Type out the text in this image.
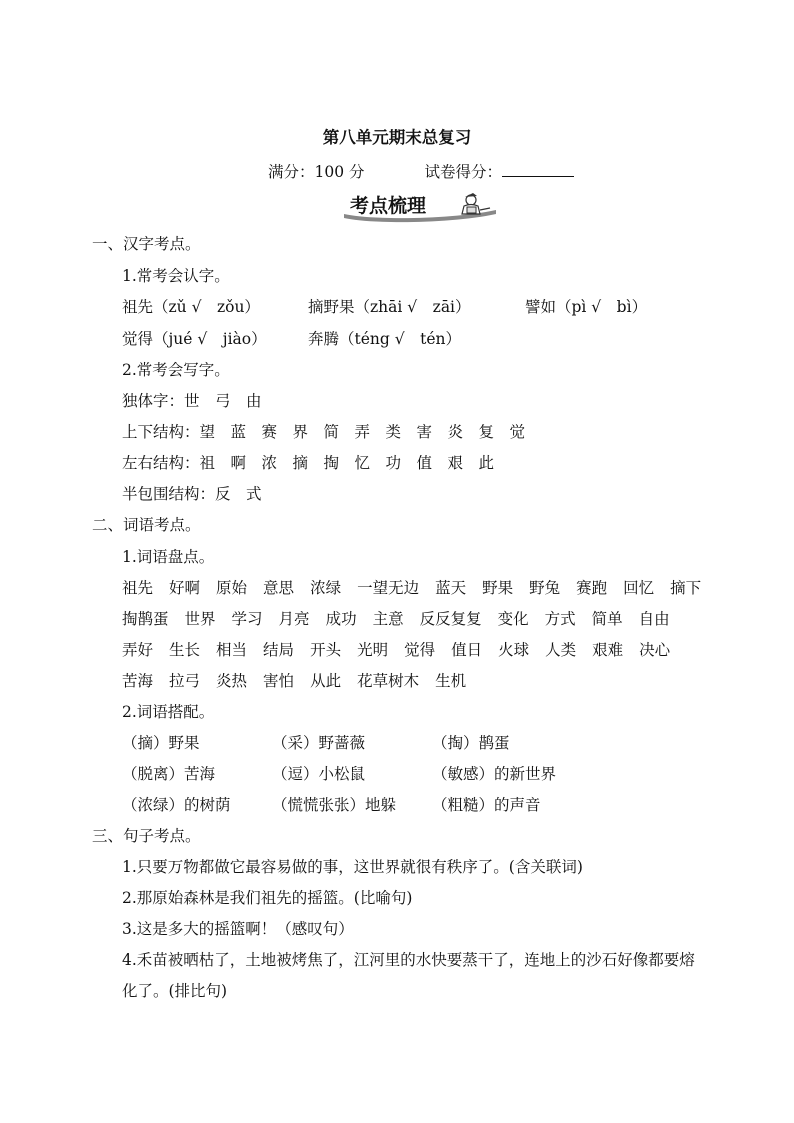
第八单元期末总复习
满分：100 分	试卷得分：
考点梳理
一、汉字考点。
1.常考会认字。
祖先（zǔ √　zǒu）	摘野果（zhāi √　zāi）	譬如（pì √　bì）
觉得（jué √　jiào）	奔腾（téng √　tén）
2.常考会写字。
独体字：世　弓　由
上下结构：望　蓝　赛　界　简　弄　类　害　炎　复　觉
左右结构：祖　啊　浓　摘　掏　忆　功　值　艰　此
半包围结构：反　式
二、词语考点。
1.词语盘点。
祖先 好啊 原始 意思 浓绿 一望无边 蓝天 野果 野兔 赛跑 回忆 摘下
掏鹊蛋 世界 学习 月亮 成功 主意 反反复复 变化 方式 简单 自由
弄好 生长 相当 结局 开头 光明 觉得 值日 火球 人类 艰难 决心
苦海 拉弓 炎热 害怕 从此 花草树木 生机
2.词语搭配。
（摘）野果	（采）野蔷薇	（掏）鹊蛋
（脱离）苦海	（逗）小松鼠	（敏感）的新世界
（浓绿）的树荫	（慌慌张张）地躲 （粗糙）的声音
三、句子考点。
1.只要万物都做它最容易做的事，这世界就很有秩序了。(含关联词)
2.那原始森林是我们祖先的摇篮。(比喻句)
3.这是多大的摇篮啊！（感叹句）
4.禾苗被晒枯了，土地被烤焦了，江河里的水快要蒸干了，连地上的沙石好像都要熔
化了。(排比句)
